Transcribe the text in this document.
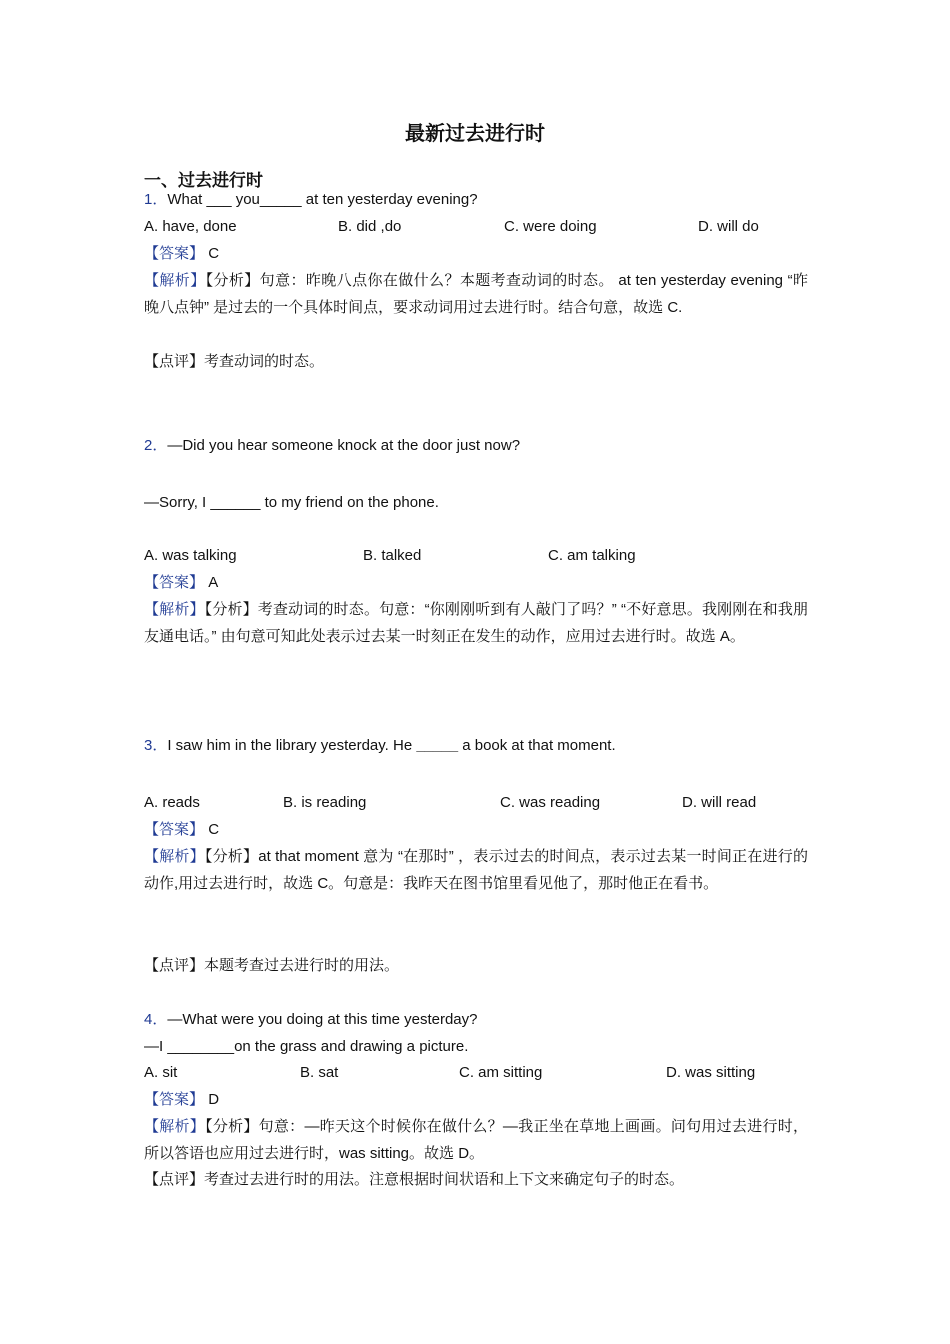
最新过去进行时
一、过去进行时
1．What ___ you_____ at ten yesterday evening?
A. have, done	B. did ,do	C. were doing	D. will do
【答案】 C
【解析】【分析】句意：昨晚八点你在做什么？本题考查动词的时态。 at ten yesterday evening “昨晚八点钟” 是过去的一个具体时间点，要求动词用过去进行时。结合句意，故选 C.
【点评】考查动词的时态。
2．—Did you hear someone knock at the door just now?
—Sorry, I ______ to my friend on the phone.
A. was talking	B. talked	C. am talking
【答案】 A
【解析】【分析】考查动词的时态。句意：“你刚刚听到有人敲门了吗？” “不好意思。我刚刚在和我朋友通电话。” 由句意可知此处表示过去某一时刻正在发生的动作，应用过去进行时。故选 A。
3．I saw him in the library yesterday. He _____ a book at that moment.
A. reads	B. is reading	C. was reading	D. will read
【答案】 C
【解析】【分析】at that moment 意为 “在那时” ，表示过去的时间点，表示过去某一时间正在进行的动作,用过去进行时，故选 C。句意是：我昨天在图书馆里看见他了，那时他正在看书。
【点评】本题考查过去进行时的用法。
4．—What were you doing at this time yesterday?
—I ________on the grass and drawing a picture.
A. sit	B. sat	C. am sitting	D. was sitting
【答案】 D
【解析】【分析】句意：—昨天这个时候你在做什么？—我正坐在草地上画画。问句用过去进行时，所以答语也应用过去进行时，was sitting。故选 D。
【点评】考查过去进行时的用法。注意根据时间状语和上下文来确定句子的时态。
